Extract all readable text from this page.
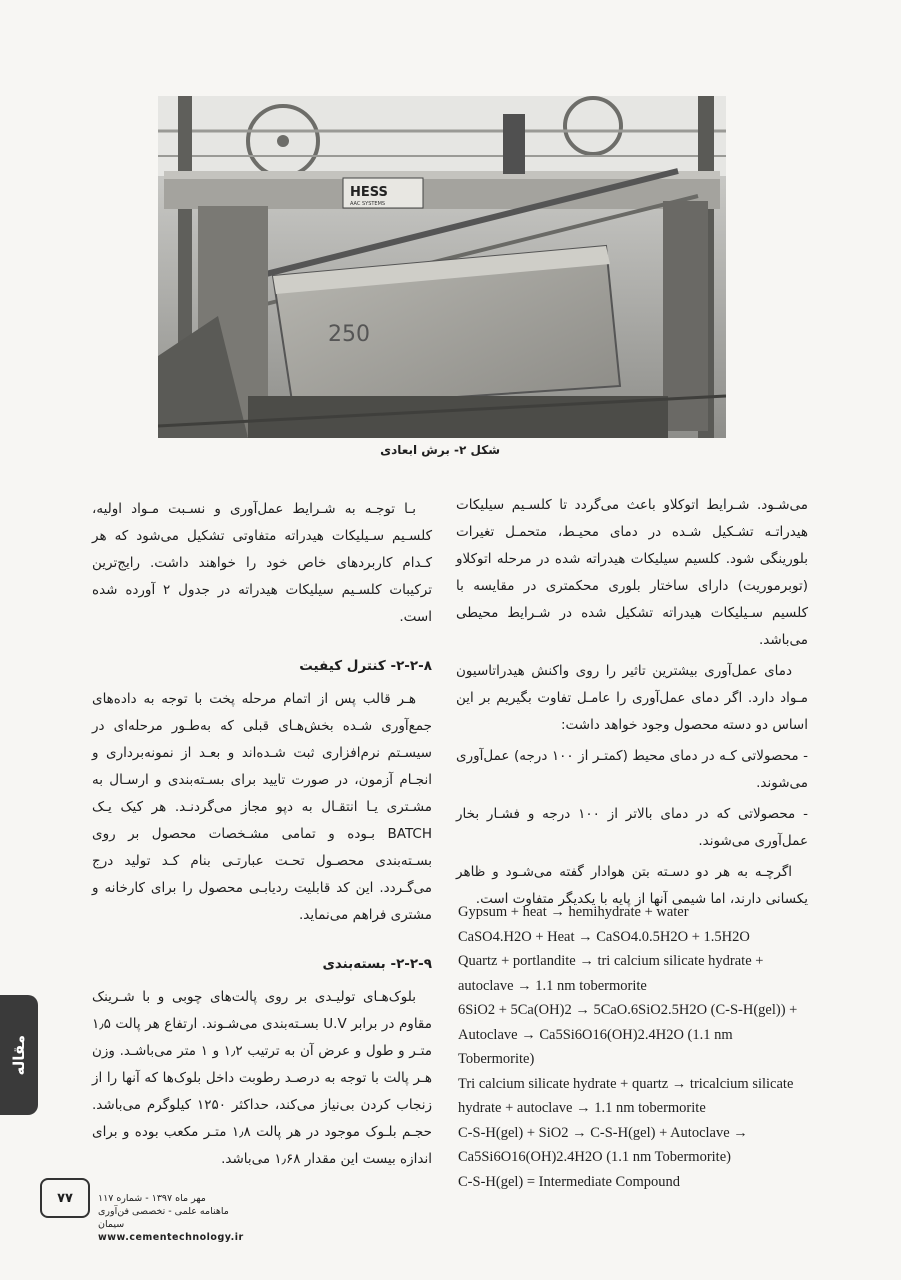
HESS
AAC SYSTEMS
250
شکل ۲- برش ابعادی

می‌شـود. شـرایط اتوکلاو باعث می‌گردد تا کلسـیم سیلیکات هیدراتـه تشـکیل شـده در دمای محیـط، متحمـل تغیرات بلورینگی شود. کلسیم سیلیکات هیدراته شده در مرحله اتوکلاو (توبرموریت) دارای ساختار بلوری محکمتری در مقایسه با کلسیم سـیلیکات هیدراته تشکیل شده در شـرایط محیطی می‌باشد.

دمای عمل‌آوری بیشترین تاثیر را روی واکنش هیدراتاسیون مـواد دارد. اگر دمای عمل‌آوری را عامـل تفاوت بگیریم بر این اساس دو دسته محصول وجود خواهد داشت:

- محصولاتی کـه در دمای محیط (کمتـر از ۱۰۰ درجه) عمل‌آوری می‌شوند.

- محصولاتی که در دمای بالاتر از ۱۰۰ درجه و فشـار بخار عمل‌آوری می‌شوند.

اگرچـه به هر دو دسـته بتن هوادار گفته می‌شـود و ظاهر یکسانی دارند، اما شیمی آنها از پایه با یکدیگر متفاوت است.

Gypsum + heat → hemihydrate + water
CaSO4.H2O + Heat → CaSO4.0.5H2O + 1.5H2O
Quartz + portlandite → tri calcium silicate hydrate + autoclave → 1.1 nm tobermorite
6SiO2 + 5Ca(OH)2 → 5CaO.6SiO2.5H2O (C-S-H(gel)) + Autoclave → Ca5Si6O16(OH)2.4H2O (1.1 nm Tobermorite)
Tri calcium silicate hydrate + quartz → tricalcium silicate hydrate + autoclave → 1.1 nm tobermorite
C-S-H(gel) + SiO2 → C-S-H(gel) + Autoclave → Ca5Si6O16(OH)2.4H2O (1.1 nm Tobermorite)
C-S-H(gel) = Intermediate Compound

بـا توجـه به شـرایط عمل‌آوری و نسـبت مـواد اولیه، کلسـیم سـیلیکات هیدراته متفاوتی تشکیل می‌شود که هر کـدام کاربردهای خاص خود را خواهند داشت. رایج‌ترین ترکیبات کلسـیم سیلیکات هیدراته در جدول ۲ آورده شده است.

۲-۲-۸- کنترل کیفیت

هـر قالب پس از اتمام مرحله پخت با توجه به داده‌های جمع‌آوری شـده بخش‌هـای قبلی که به‌طـور مرحله‌ای در سیسـتم نرم‌افزاری ثبت شـده‌اند و بعـد از نمونه‌برداری و انجـام آزمون، در صورت تایید برای بسـته‌بندی و ارسـال به مشـتری یـا انتقـال به دپو مجاز می‌گردنـد. هر کیک یـک BATCH بـوده و تمامی مشـخصات محصول بر روی بسـته‌بندی محصـول تحـت عبارتـی بنام کـد تولید درج می‌گـردد. این کد قابلیت ردیابـی محصول را برای کارخانه و مشتری فراهم می‌نماید.

۲-۲-۹- بسته‌بندی

بلوک‌هـای تولیـدی بر روی پالت‌های چوبی و با شـرینک مقاوم در برابر U.V بسـته‌بندی می‌شـوند. ارتفاع هر پالت ۱٫۵ متـر و طول و عرض آن به ترتیب ۱٫۲ و ۱ متر می‌باشـد. وزن هـر پالت با توجه به درصـد رطوبت داخل بلوک‌ها که آنها را از زنجاب کردن بی‌نیاز می‌کند، حداکثر ۱۲۵۰ کیلوگرم می‌باشد. حجـم بلـوک موجود در هر پالت ۱٫۸ متـر مکعب بوده و برای اندازه بیست این مقدار ۱٫۶۸ می‌باشد.

مقاله
۷۷	مهر ماه ۱۳۹۷ - شماره ۱۱۷
ماهنامه علمی - تخصصی فن‌آوری سیمان
www.cementechnology.ir
